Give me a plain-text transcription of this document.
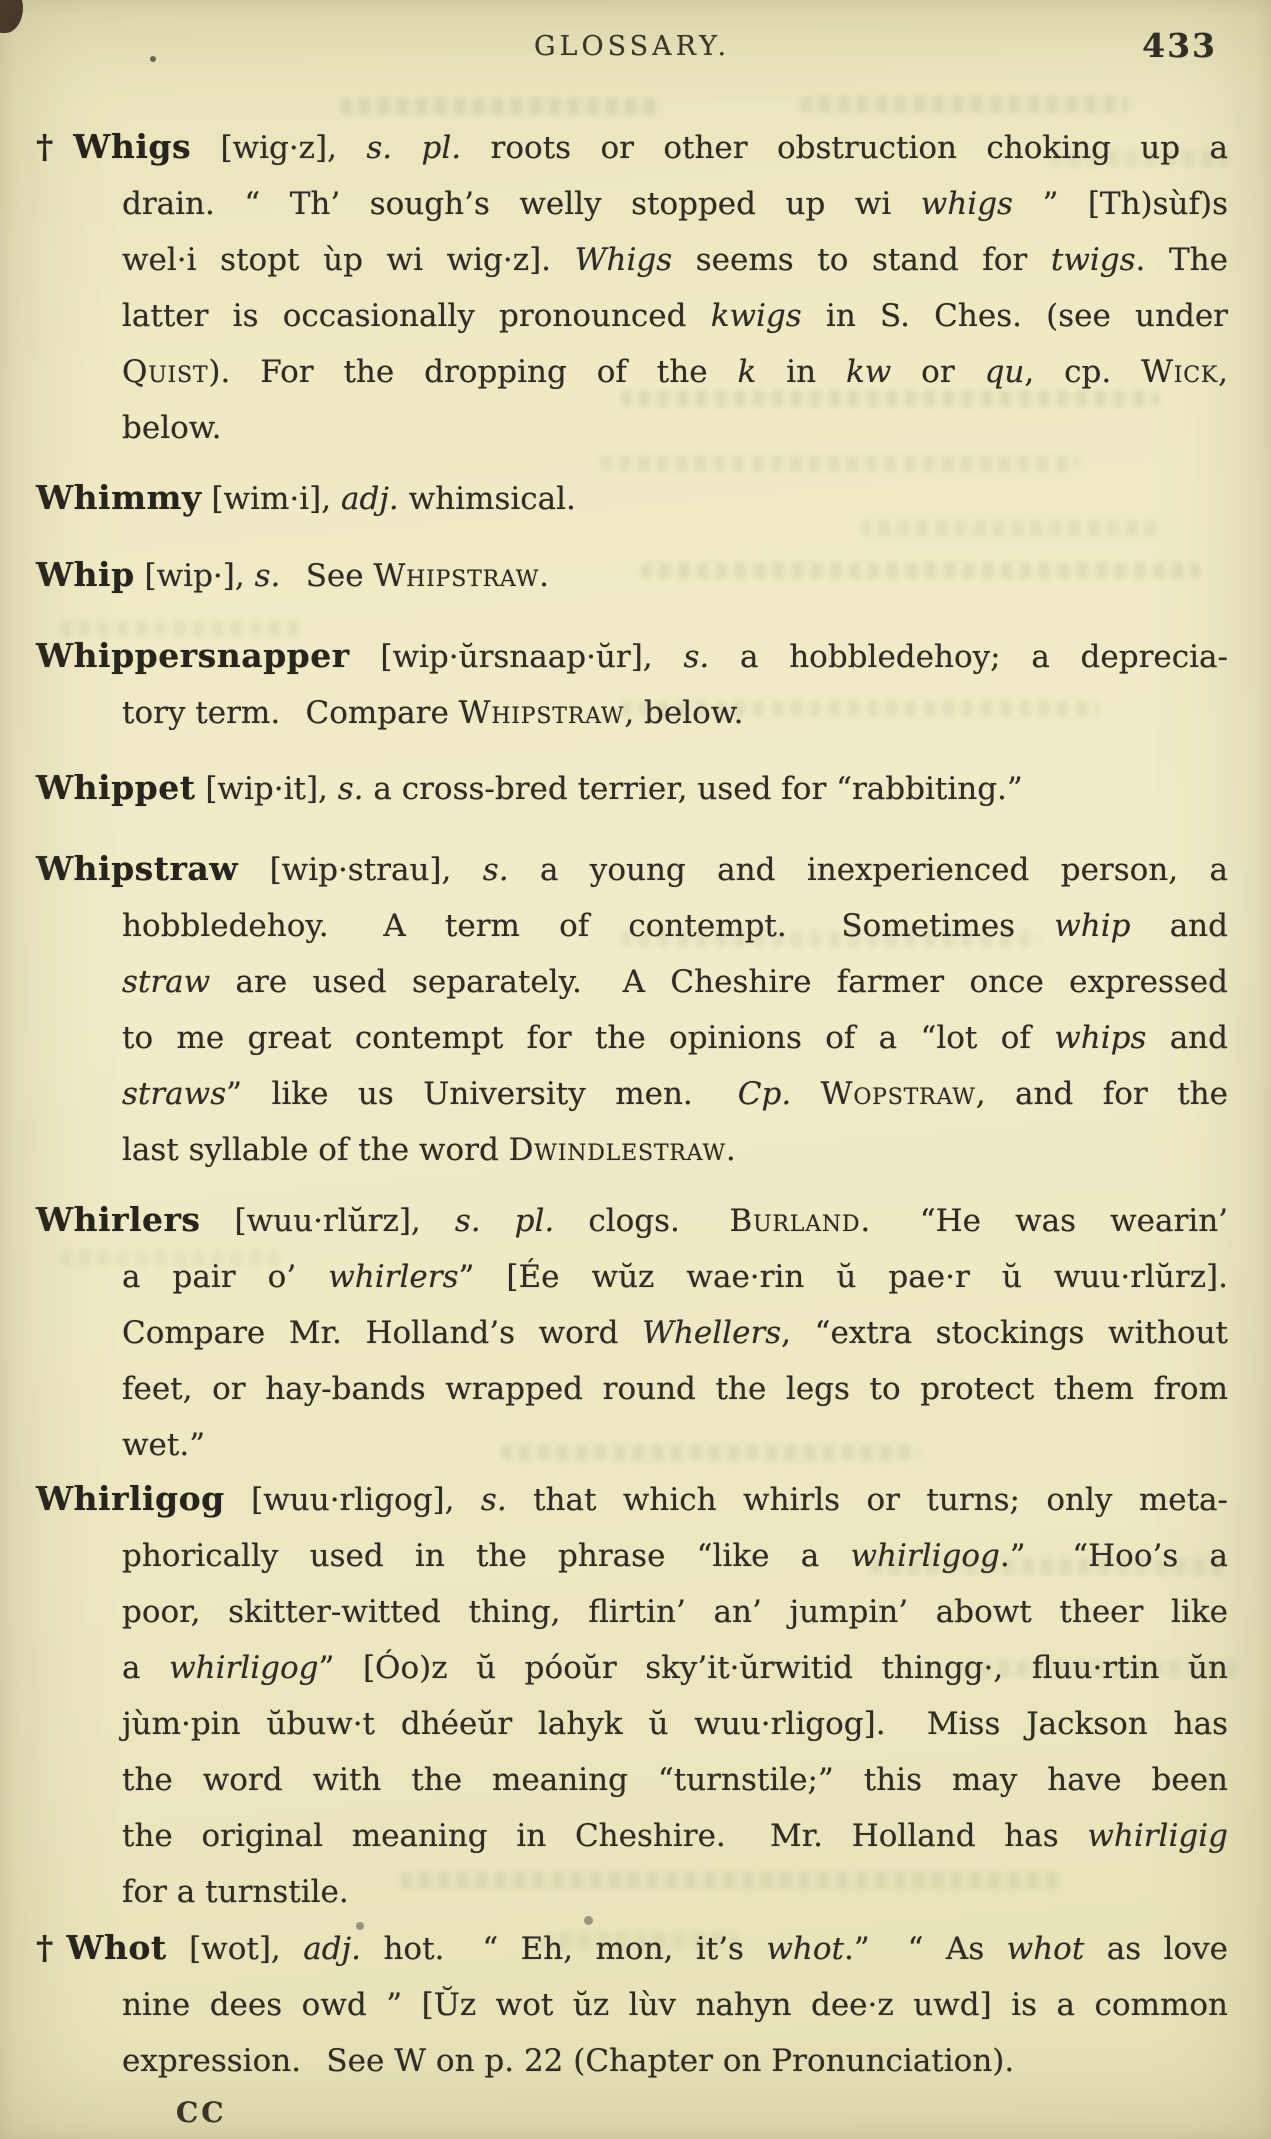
GLOSSARY.	433
†Whigs [wig·z], s. pl. roots or other obstruction choking up a
drain. “ Th’ sough’s welly stopped up wi whigs ” [Th)sùf)s
wel·i stopt ùp wi wig·z]. Whigs seems to stand for twigs. The
latter is occasionally pronounced kwigs in S. Ches. (see under
Quist). For the dropping of the k in kw or qu, cp. Wick,
below.
Whimmy [wim·i], adj. whimsical.
Whip [wip·], s.  See Whipstraw.
Whippersnapper [wip·ŭrsnaap·ŭr], s. a hobbledehoy; a deprecia-
tory term.  Compare Whipstraw, below.
Whippet [wip·it], s. a cross-bred terrier, used for “rabbiting.”
Whipstraw [wip·strau], s. a young and inexperienced person, a
hobbledehoy.  A term of contempt.  Sometimes whip and
straw are used separately.  A Cheshire farmer once expressed
to me great contempt for the opinions of a “lot of whips and
straws” like us University men.  Cp. Wopstraw, and for the
last syllable of the word Dwindlestraw.
Whirlers [wuu·rlŭrz], s. pl. clogs.  Burland.  “He was wearin’
a pair o’ whirlers” [Ée wŭz wae·rin ŭ pae·r ŭ wuu·rlŭrz].
Compare Mr. Holland’s word Whellers, “extra stockings without
feet, or hay-bands wrapped round the legs to protect them from
wet.”
Whirligog [wuu·rligog], s. that which whirls or turns; only meta-
phorically used in the phrase “like a whirligog.”  “Hoo’s a
poor, skitter-witted thing, flirtin’ an’ jumpin’ abowt theer like
a whirligog” [Óo)z ŭ póoŭr sky’it·ŭrwitid thingg·, fluu·rtin ŭn
jùm·pin ŭbuw·t dhéeŭr lahyk ŭ wuu·rligog].  Miss Jackson has
the word with the meaning “turnstile;” this may have been
the original meaning in Cheshire.  Mr. Holland has whirligig
for a turnstile.
†Whot [wot], adj. hot.  “ Eh, mon, it’s whot.”  “ As whot as love
nine dees owd ” [Ŭz wot ŭz lùv nahyn dee·z uwd] is a common
expression.  See W on p. 22 (Chapter on Pronunciation).
CC
